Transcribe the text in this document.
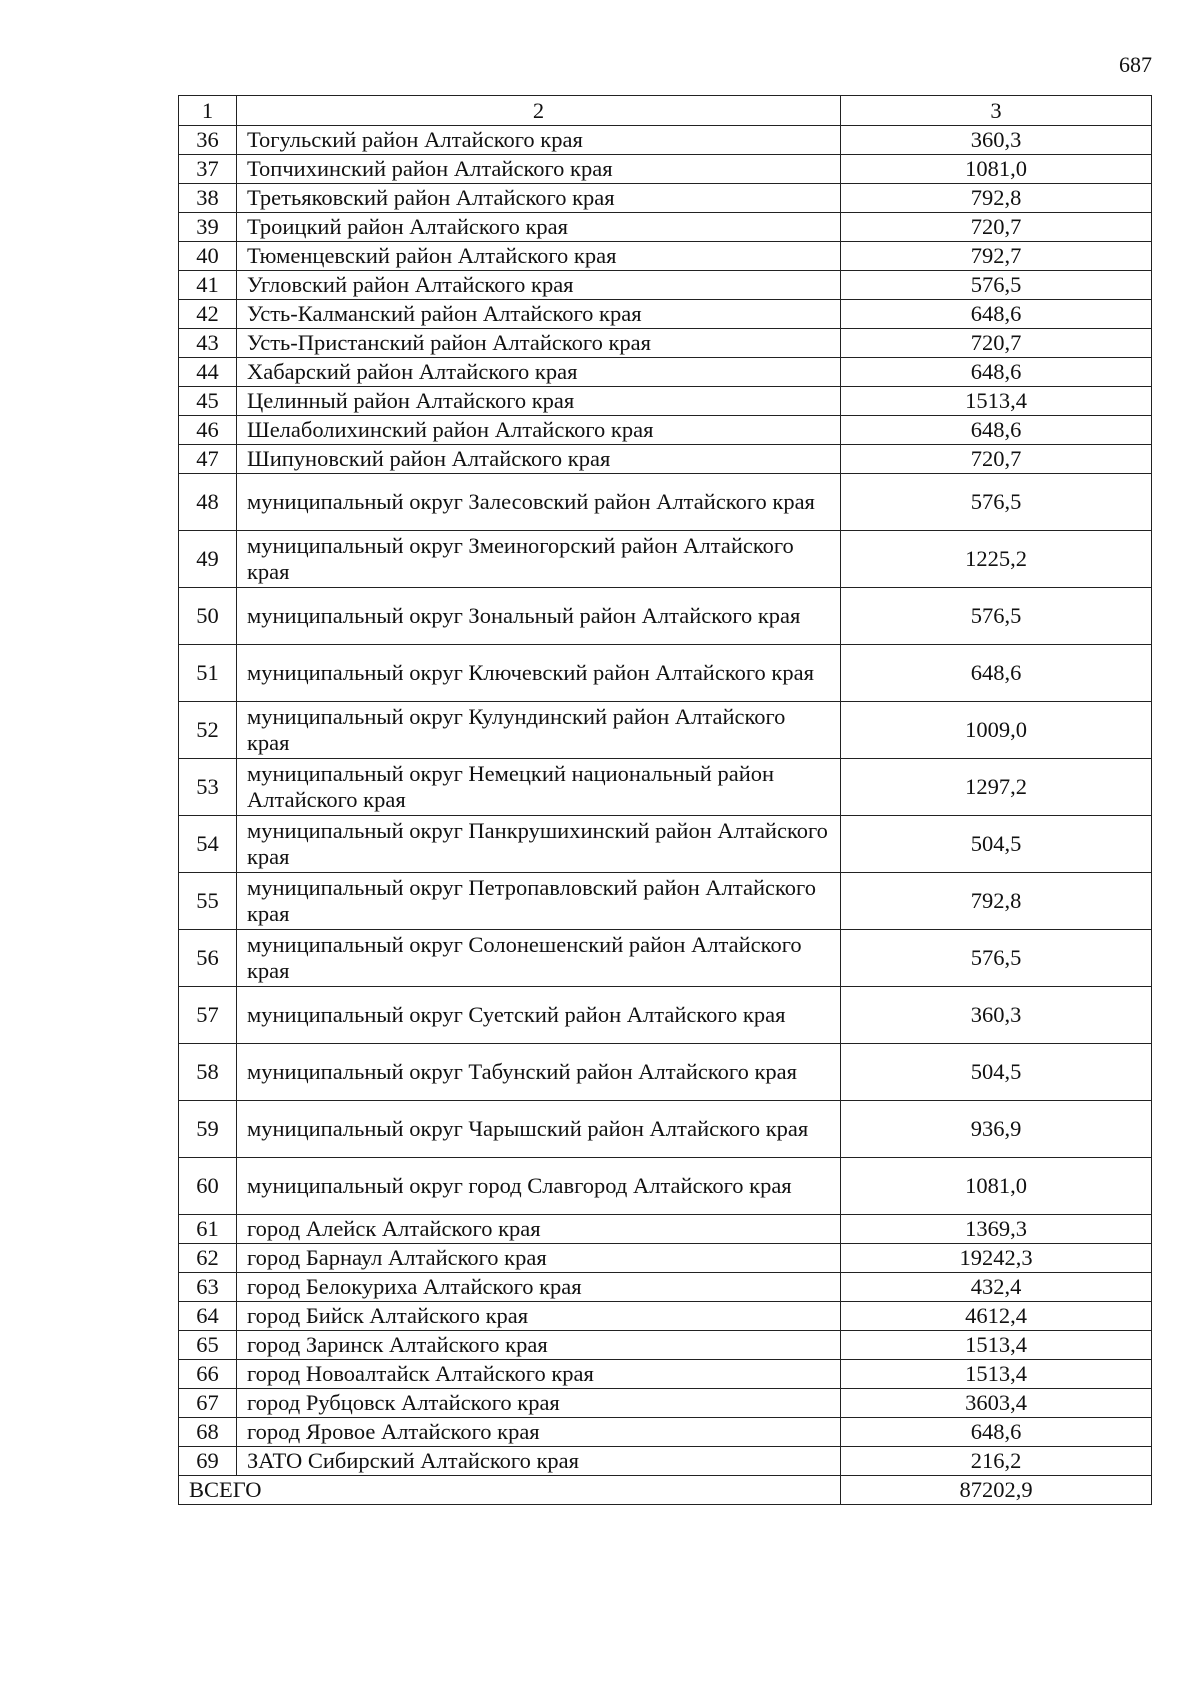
687
1	2	3
36	Тогульский район Алтайского края	360,3
37	Топчихинский район Алтайского края	1081,0
38	Третьяковский район Алтайского края	792,8
39	Троицкий район Алтайского края	720,7
40	Тюменцевский район Алтайского края	792,7
41	Угловский район Алтайского края	576,5
42	Усть-Калманский район Алтайского края	648,6
43	Усть-Пристанский район Алтайского края	720,7
44	Хабарский район Алтайского края	648,6
45	Целинный район Алтайского края	1513,4
46	Шелаболихинский район Алтайского края	648,6
47	Шипуновский район Алтайского края	720,7
48	муниципальный округ Залесовский район Алтайского края	576,5
49	муниципальный округ Змеиногорский район Алтайского края	1225,2
50	муниципальный округ Зональный район Алтайского края	576,5
51	муниципальный округ Ключевский район Алтайского края	648,6
52	муниципальный округ Кулундинский район Алтайского края	1009,0
53	муниципальный округ Немецкий национальный район Алтайского края	1297,2
54	муниципальный округ Панкрушихинский район Алтайского края	504,5
55	муниципальный округ Петропавловский район Алтайского края	792,8
56	муниципальный округ Солонешенский район Алтайского края	576,5
57	муниципальный округ Суетский район Алтайского края	360,3
58	муниципальный округ Табунский район Алтайского края	504,5
59	муниципальный округ Чарышский район Алтайского края	936,9
60	муниципальный округ город Славгород Алтайского края	1081,0
61	город Алейск Алтайского края	1369,3
62	город Барнаул Алтайского края	19242,3
63	город Белокуриха Алтайского края	432,4
64	город Бийск Алтайского края	4612,4
65	город Заринск Алтайского края	1513,4
66	город Новоалтайск Алтайского края	1513,4
67	город Рубцовск Алтайского края	3603,4
68	город Яровое Алтайского края	648,6
69	ЗАТО Сибирский Алтайского края	216,2
ВСЕГО		87202,9
